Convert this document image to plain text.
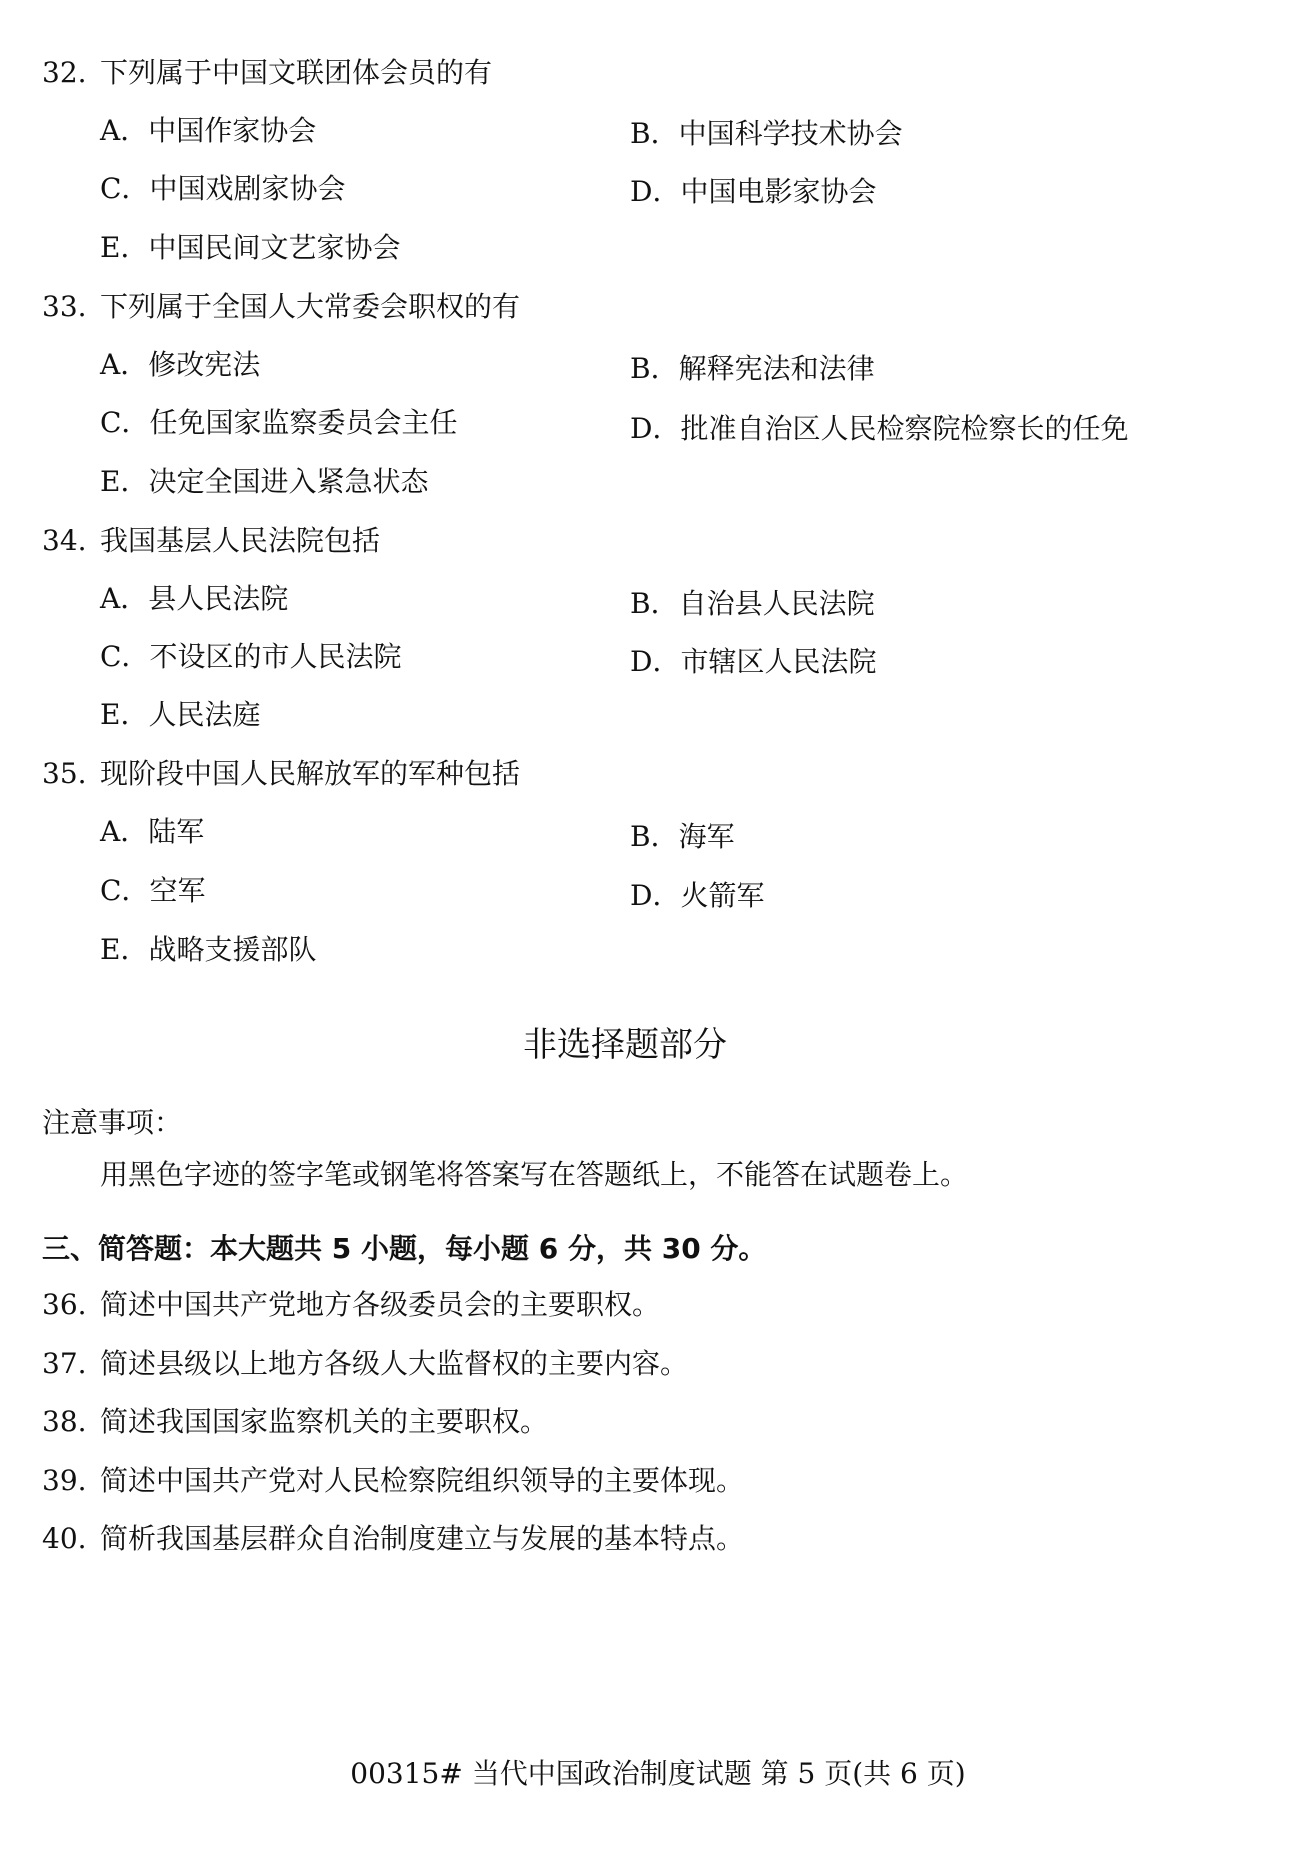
32. 下列属于中国文联团体会员的有
A．中国作家协会	B．中国科学技术协会
C．中国戏剧家协会	D．中国电影家协会
E．中国民间文艺家协会
33. 下列属于全国人大常委会职权的有
A．修改宪法	B．解释宪法和法律
C．任免国家监察委员会主任	D．批准自治区人民检察院检察长的任免
E．决定全国进入紧急状态
34. 我国基层人民法院包括
A．县人民法院	B．自治县人民法院
C．不设区的市人民法院	D．市辖区人民法院
E．人民法庭
35. 现阶段中国人民解放军的军种包括
A．陆军	B．海军
C．空军	D．火箭军
E．战略支援部队
非选择题部分
注意事项：
用黑色字迹的签字笔或钢笔将答案写在答题纸上，不能答在试题卷上。
三、简答题：本大题共 5 小题，每小题 6 分，共 30 分。
36. 简述中国共产党地方各级委员会的主要职权。
37. 简述县级以上地方各级人大监督权的主要内容。
38. 简述我国国家监察机关的主要职权。
39. 简述中国共产党对人民检察院组织领导的主要体现。
40. 简析我国基层群众自治制度建立与发展的基本特点。
00315# 当代中国政治制度试题 第 5 页(共 6 页)
